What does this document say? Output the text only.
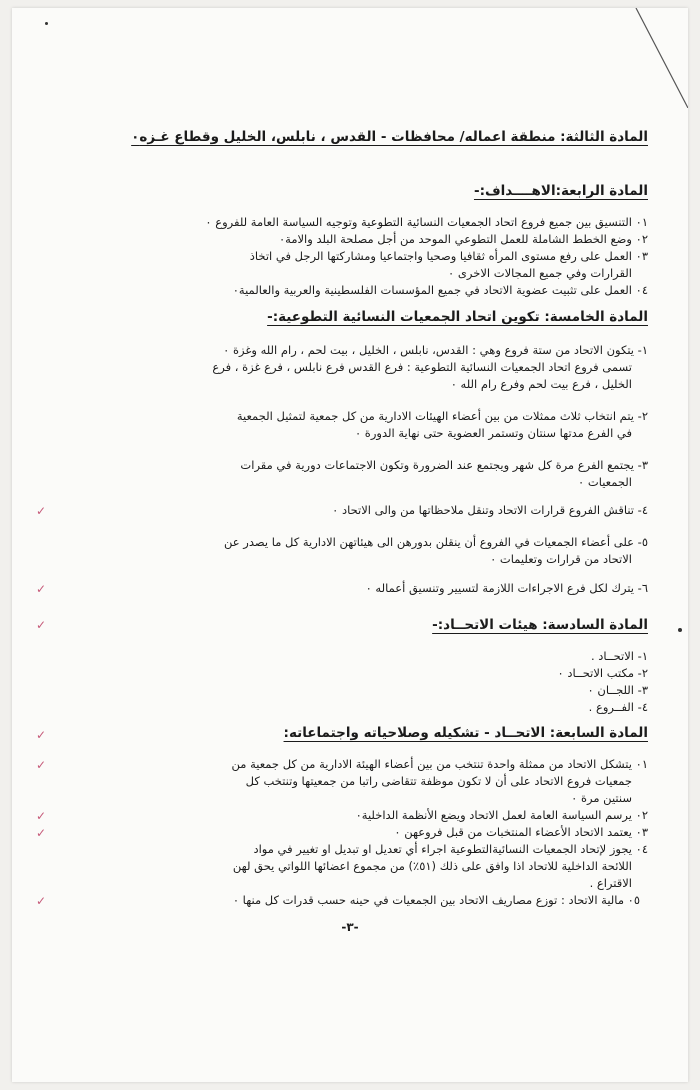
المادة الثالثة: منطقة اعماله/ محافظات - القدس ، نابلس، الخليل وقطاع غـزه٠

المادة الرابعة:الاهــــداف:-

٠١ التنسيق بين جميع فروع اتحاد الجمعيات النسائية التطوعية وتوجيه السياسة العامة للفروع ٠
٠٢ وضع الخطط الشاملة للعمل التطوعي الموحد من أجل مصلحة البلد والامة٠
٠٣ العمل على رفع مستوى المرأه ثقافيا وصحيا واجتماعيا ومشاركتها الرجل في اتخاذ
القرارات وفي جميع المجالات الاخرى ٠
٠٤ العمل على تثبيت عضوية الاتحاد في جميع المؤسسات الفلسطينية والعربية والعالمية٠

المادة الخامسة: تكوين اتحاد الجمعيات النسائية التطوعية:-

١- يتكون الاتحاد من ستة فروع وهي : القدس، نابلس ، الخليل ، بيت لحم ، رام الله وغزة ٠
تسمى فروع اتحاد الجمعيات النسائية التطوعية : فرع القدس فرع نابلس ، فرع غزة ، فرع
الخليل ، فرع بيت لحم وفرع رام الله ٠
٢- يتم انتخاب ثلاث ممثلات من بين أعضاء الهيئات الادارية من كل جمعية لتمثيل الجمعية
في الفرع مدتها سنتان وتستمر العضوية حتى نهاية الدورة ٠
٣- يجتمع الفرع مرة كل شهر ويجتمع عند الضرورة وتكون الاجتماعات دورية في مقرات
الجمعيات ٠
٤- تناقش الفروع قرارات الاتحاد وتنقل ملاحظاتها من والى الاتحاد ٠
✓
٥- على أعضاء الجمعيات في الفروع أن ينقلن بدورهن الى هيئاتهن الادارية كل ما يصدر عن
الاتحاد من قرارات وتعليمات ٠
٦- يترك لكل فرع الاجراءات اللازمة لتسيير وتنسيق أعماله ٠
✓

المادة السادسة: هيئات الاتحــاد:-

✓
١- الاتحــاد .
٢- مكتب الاتحــاد ٠
٣- اللجــان ٠
٤- الفــروع .

المادة السابعة: الاتحــاد - تشكيله وصلاحياته واجتماعاته:

✓
٠١ يتشكل الاتحاد من ممثلة واحدة تنتخب من بين أعضاء الهيئة الادارية من كل جمعية من
✓
جمعيات فروع الاتحاد على أن لا تكون موظفة تتقاضى راتبا من جمعيتها وتنتخب كل
سنتين مرة ٠
٠٢ يرسم السياسة العامة لعمل الاتحاد ويضع الأنظمة الداخلية٠
✓
٠٣ يعتمد الاتحاد الأعضاء المنتخبات من قبل فروعهن ٠
✓
٠٤ يجوز لإتحاد الجمعيات النسائيةالتطوعية اجراء أي تعديل او تبديل او تغيير في مواد
اللائحة الداخلية للاتحاد اذا وافق على ذلك (٥١٪) من مجموع اعضائها اللواتي يحق لهن
الاقتراع .
٠٥ مالية الاتحاد : توزع مصاريف الاتحاد بين الجمعيات في حينه حسب قدرات كل منها ٠
✓
-٣-
